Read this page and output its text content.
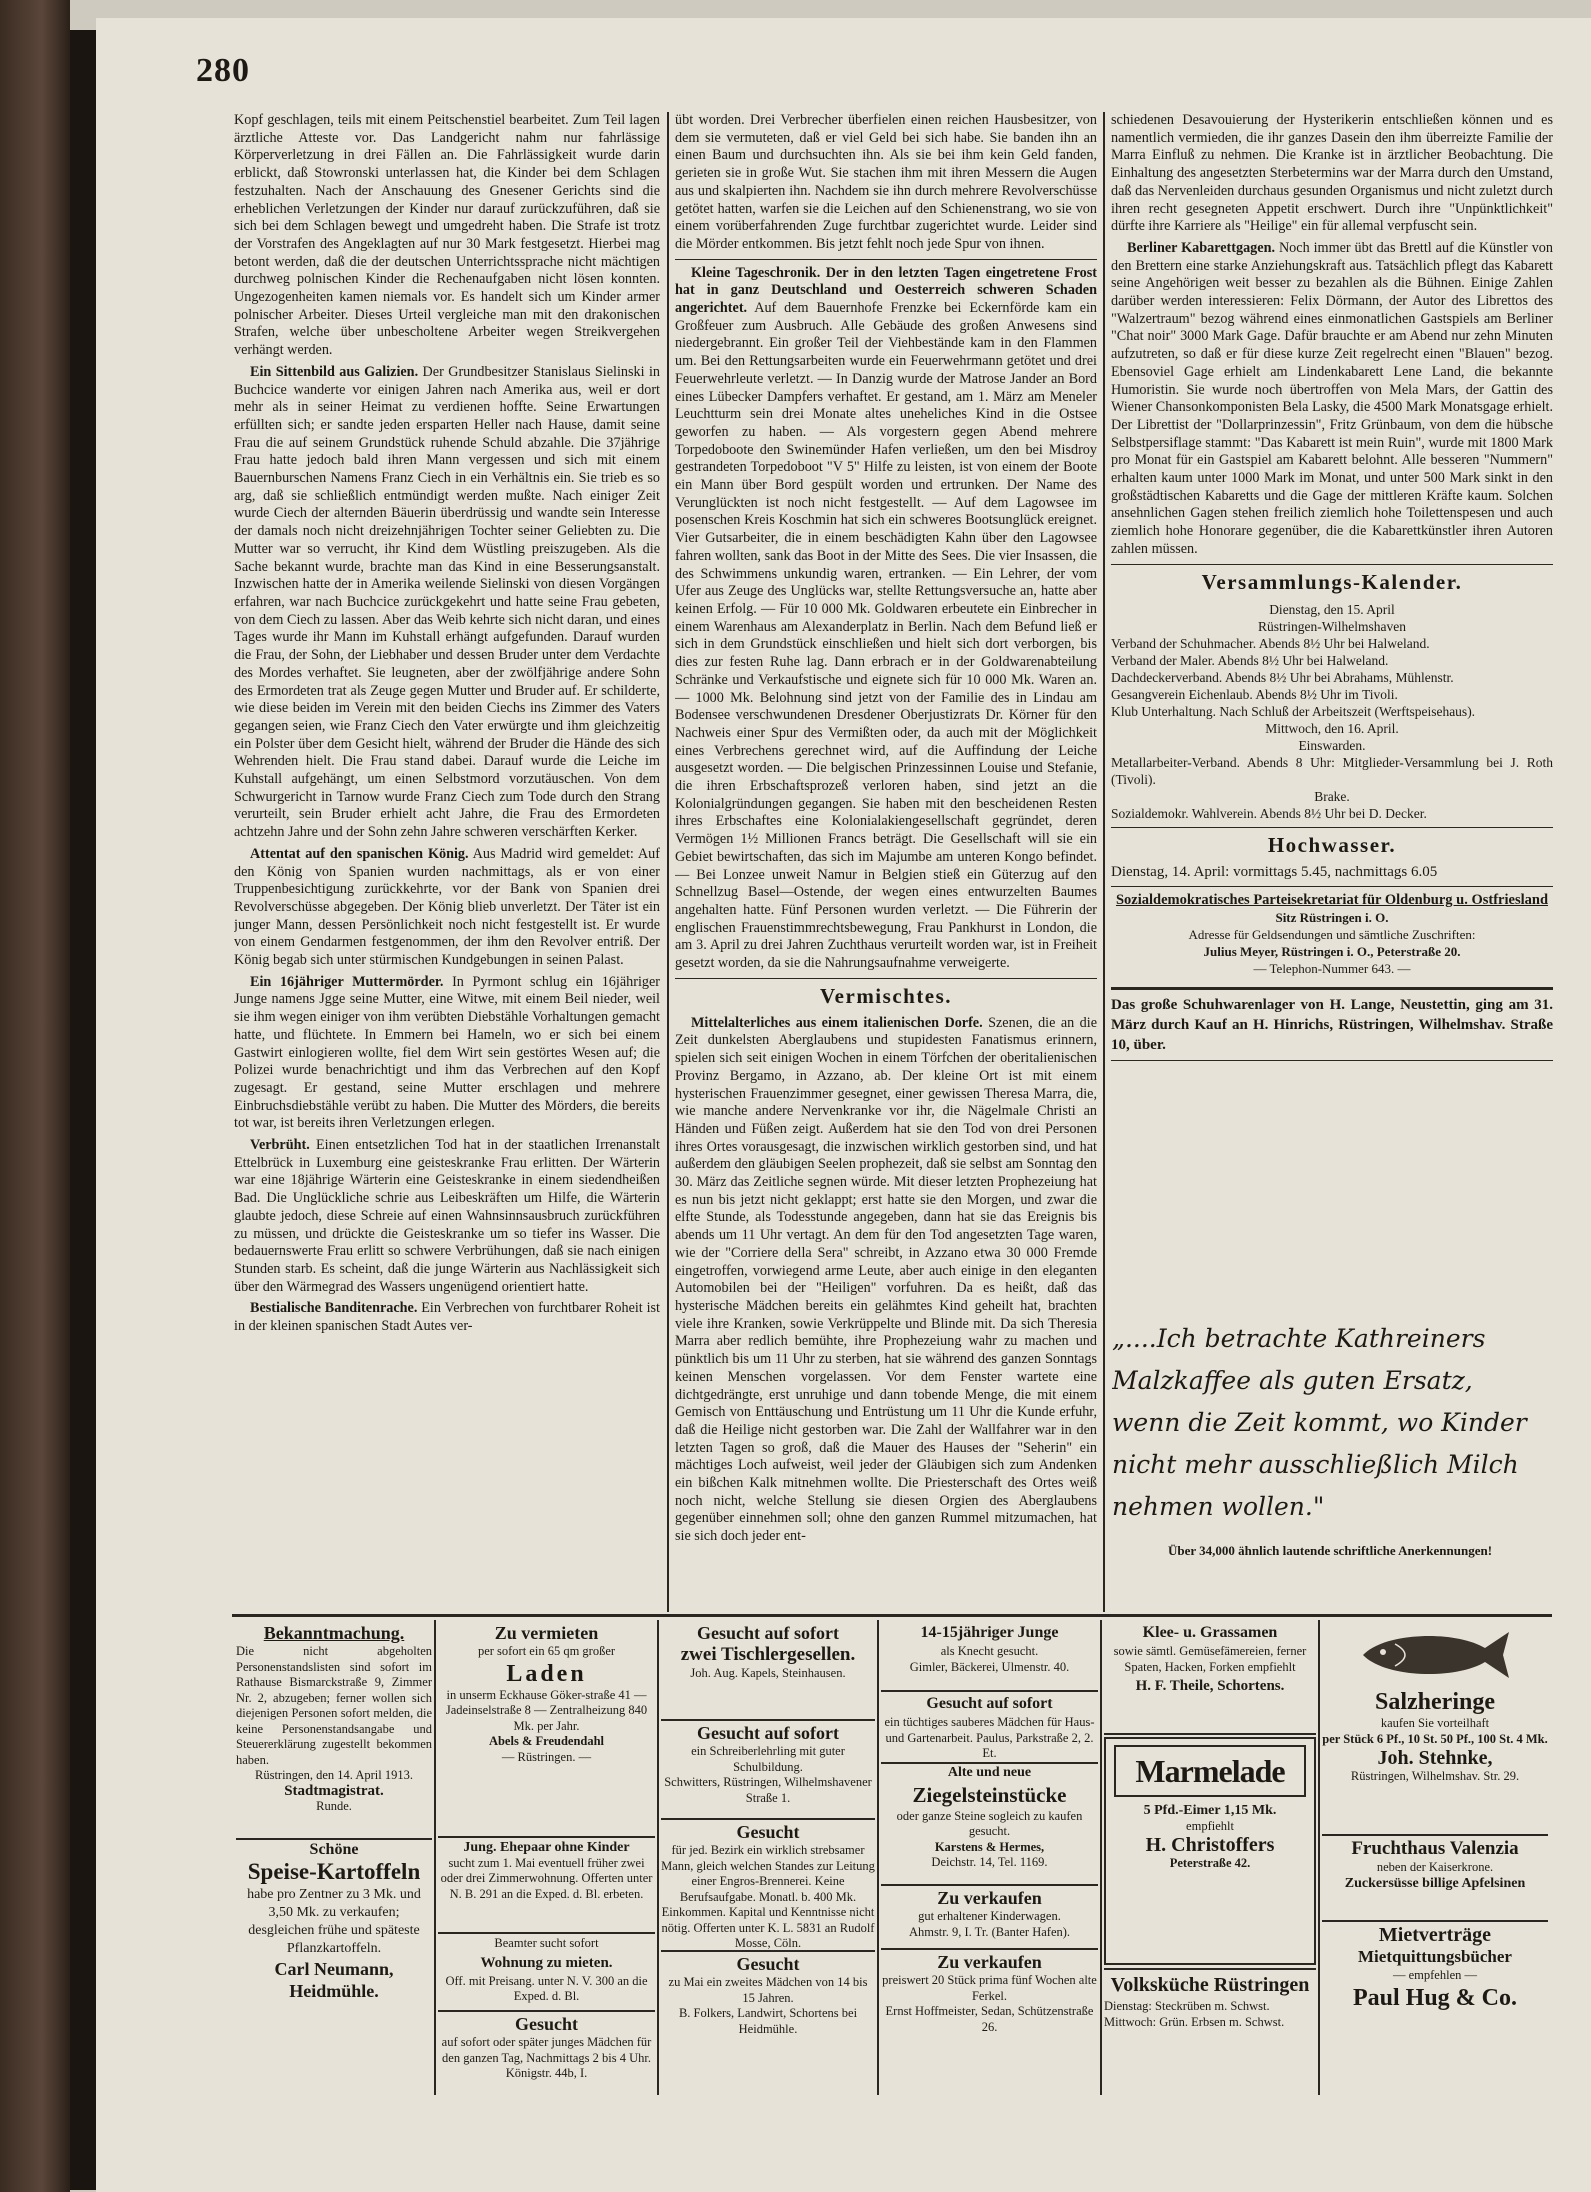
280

Kopf geschlagen, teils mit einem Peitschenstiel bearbeitet. Zum Teil lagen ärztliche Atteste vor. Das Landgericht nahm nur fahrlässige Körperverletzung in drei Fällen an. Die Fahrlässigkeit wurde darin erblickt, daß Stowronski unterlassen hat, die Kinder bei dem Schlagen festzuhalten. Nach der Anschauung des Gnesener Gerichts sind die erheblichen Verletzungen der Kinder nur darauf zurückzuführen, daß sie sich bei dem Schlagen bewegt und umgedreht haben. Die Strafe ist trotz der Vorstrafen des Angeklagten auf nur 30 Mark festgesetzt. Hierbei mag betont werden, daß die der deutschen Unterrichtssprache nicht mächtigen durchweg polnischen Kinder die Rechenaufgaben nicht lösen konnten. Ungezogenheiten kamen niemals vor. Es handelt sich um Kinder armer polnischer Arbeiter. Dieses Urteil vergleiche man mit den drakonischen Strafen, welche über unbescholtene Arbeiter wegen Streikvergehen verhängt werden.

Ein Sittenbild aus Galizien. Der Grundbesitzer Stanislaus Sielinski in Buchcice wanderte vor einigen Jahren nach Amerika aus, weil er dort mehr als in seiner Heimat zu verdienen hoffte. Seine Erwartungen erfüllten sich; er sandte jeden ersparten Heller nach Hause, damit seine Frau die auf seinem Grundstück ruhende Schuld abzahle. Die 37jährige Frau hatte jedoch bald ihren Mann vergessen und sich mit einem Bauernburschen Namens Franz Ciech in ein Verhältnis ein. Sie trieb es so arg, daß sie schließlich entmündigt werden mußte. Nach einiger Zeit wurde Ciech der alternden Bäuerin überdrüssig und wandte sein Interesse der damals noch nicht dreizehnjährigen Tochter seiner Geliebten zu. Die Mutter war so verrucht, ihr Kind dem Wüstling preiszugeben. Als die Sache bekannt wurde, brachte man das Kind in eine Besserungsanstalt. Inzwischen hatte der in Amerika weilende Sielinski von diesen Vorgängen erfahren, war nach Buchcice zurückgekehrt und hatte seine Frau gebeten, von dem Ciech zu lassen. Aber das Weib kehrte sich nicht daran, und eines Tages wurde ihr Mann im Kuhstall erhängt aufgefunden. Darauf wurden die Frau, der Sohn, der Liebhaber und dessen Bruder unter dem Verdachte des Mordes verhaftet. Sie leugneten, aber der zwölfjährige andere Sohn des Ermordeten trat als Zeuge gegen Mutter und Bruder auf. Er schilderte, wie diese beiden im Verein mit den beiden Ciechs ins Zimmer des Vaters gegangen seien, wie Franz Ciech den Vater erwürgte und ihm gleichzeitig ein Polster über dem Gesicht hielt, während der Bruder die Hände des sich Wehrenden hielt. Die Frau stand dabei. Darauf wurde die Leiche im Kuhstall aufgehängt, um einen Selbstmord vorzutäuschen. Von dem Schwurgericht in Tarnow wurde Franz Ciech zum Tode durch den Strang verurteilt, sein Bruder erhielt acht Jahre, die Frau des Ermordeten achtzehn Jahre und der Sohn zehn Jahre schweren verschärften Kerker.

Attentat auf den spanischen König. Aus Madrid wird gemeldet: Auf den König von Spanien wurden nachmittags, als er von einer Truppenbesichtigung zurückkehrte, vor der Bank von Spanien drei Revolverschüsse abgegeben. Der König blieb unverletzt. Der Täter ist ein junger Mann, dessen Persönlichkeit noch nicht festgestellt ist. Er wurde von einem Gendarmen festgenommen, der ihm den Revolver entriß. Der König begab sich unter stürmischen Kundgebungen in seinen Palast.

Ein 16jähriger Muttermörder. In Pyrmont schlug ein 16jähriger Junge namens Jgge seine Mutter, eine Witwe, mit einem Beil nieder, weil sie ihm wegen einiger von ihm verübten Diebstähle Vorhaltungen gemacht hatte, und flüchtete. In Emmern bei Hameln, wo er sich bei einem Gastwirt einlogieren wollte, fiel dem Wirt sein gestörtes Wesen auf; die Polizei wurde benachrichtigt und ihm das Verbrechen auf den Kopf zugesagt. Er gestand, seine Mutter erschlagen und mehrere Einbruchsdiebstähle verübt zu haben. Die Mutter des Mörders, die bereits tot war, ist bereits ihren Verletzungen erlegen.

Verbrüht. Einen entsetzlichen Tod hat in der staatlichen Irrenanstalt Ettelbrück in Luxemburg eine geisteskranke Frau erlitten. Der Wärterin war eine 18jährige Wärterin eine Geisteskranke in einem siedendheißen Bad. Die Unglückliche schrie aus Leibeskräften um Hilfe, die Wärterin glaubte jedoch, diese Schreie auf einen Wahnsinnsausbruch zurückführen zu müssen, und drückte die Geisteskranke um so tiefer ins Wasser. Die bedauernswerte Frau erlitt so schwere Verbrühungen, daß sie nach einigen Stunden starb. Es scheint, daß die junge Wärterin aus Nachlässigkeit sich über den Wärmegrad des Wassers ungenügend orientiert hatte.

Bestialische Banditenrache. Ein Verbrechen von furchtbarer Roheit ist in der kleinen spanischen Stadt Autes ver-

übt worden. Drei Verbrecher überfielen einen reichen Hausbesitzer, von dem sie vermuteten, daß er viel Geld bei sich habe. Sie banden ihn an einen Baum und durchsuchten ihn. Als sie bei ihm kein Geld fanden, gerieten sie in große Wut. Sie stachen ihm mit ihren Messern die Augen aus und skalpierten ihn. Nachdem sie ihn durch mehrere Revolverschüsse getötet hatten, warfen sie die Leichen auf den Schienenstrang, wo sie von einem vorüberfahrenden Zuge furchtbar zugerichtet wurde. Leider sind die Mörder entkommen. Bis jetzt fehlt noch jede Spur von ihnen.

Kleine Tageschronik. Der in den letzten Tagen eingetretene Frost hat in ganz Deutschland und Oesterreich schweren Schaden angerichtet. Auf dem Bauernhofe Frenzke bei Eckernförde kam ein Großfeuer zum Ausbruch. Alle Gebäude des großen Anwesens sind niedergebrannt. Ein großer Teil der Viehbestände kam in den Flammen um. Bei den Rettungsarbeiten wurde ein Feuerwehrmann getötet und drei Feuerwehrleute verletzt. — In Danzig wurde der Matrose Jander an Bord eines Lübecker Dampfers verhaftet. Er gestand, am 1. März am Meneler Leuchtturm sein drei Monate altes uneheliches Kind in die Ostsee geworfen zu haben. — Als vorgestern gegen Abend mehrere Torpedoboote den Swinemünder Hafen verließen, um den bei Misdroy gestrandeten Torpedoboot "V 5" Hilfe zu leisten, ist von einem der Boote ein Mann über Bord gespült worden und ertrunken. Der Name des Verunglückten ist noch nicht festgestellt. — Auf dem Lagowsee im posenschen Kreis Koschmin hat sich ein schweres Bootsunglück ereignet. Vier Gutsarbeiter, die in einem beschädigten Kahn über den Lagowsee fahren wollten, sank das Boot in der Mitte des Sees. Die vier Insassen, die des Schwimmens unkundig waren, ertranken. — Ein Lehrer, der vom Ufer aus Zeuge des Unglücks war, stellte Rettungsversuche an, hatte aber keinen Erfolg. — Für 10 000 Mk. Goldwaren erbeutete ein Einbrecher in einem Warenhaus am Alexanderplatz in Berlin. Nach dem Befund ließ er sich in dem Grundstück einschließen und hielt sich dort verborgen, bis dies zur festen Ruhe lag. Dann erbrach er in der Goldwarenabteilung Schränke und Verkaufstische und eignete sich für 10 000 Mk. Waren an. — 1000 Mk. Belohnung sind jetzt von der Familie des in Lindau am Bodensee verschwundenen Dresdener Oberjustizrats Dr. Körner für den Nachweis einer Spur des Vermißten oder, da auch mit der Möglichkeit eines Verbrechens gerechnet wird, auf die Auffindung der Leiche ausgesetzt worden. — Die belgischen Prinzessinnen Louise und Stefanie, die ihren Erbschaftsprozeß verloren haben, sind jetzt an die Kolonialgründungen gegangen. Sie haben mit den bescheidenen Resten ihres Erbschaftes eine Kolonialakiengesellschaft gegründet, deren Vermögen 1½ Millionen Francs beträgt. Die Gesellschaft will sie ein Gebiet bewirtschaften, das sich im Majumbe am unteren Kongo befindet. — Bei Lonzee unweit Namur in Belgien stieß ein Güterzug auf den Schnellzug Basel—Ostende, der wegen eines entwurzelten Baumes angehalten hatte. Fünf Personen wurden verletzt. — Die Führerin der englischen Frauenstimmrechtsbewegung, Frau Pankhurst in London, die am 3. April zu drei Jahren Zuchthaus verurteilt worden war, ist in Freiheit gesetzt worden, da sie die Nahrungsaufnahme verweigerte.

Vermischtes.

Mittelalterliches aus einem italienischen Dorfe. Szenen, die an die Zeit dunkelsten Aberglaubens und stupidesten Fanatismus erinnern, spielen sich seit einigen Wochen in einem Törfchen der oberitalienischen Provinz Bergamo, in Azzano, ab. Der kleine Ort ist mit einem hysterischen Frauenzimmer gesegnet, einer gewissen Theresa Marra, die, wie manche andere Nervenkranke vor ihr, die Nägelmale Christi an Händen und Füßen zeigt. Außerdem hat sie den Tod von drei Personen ihres Ortes vorausgesagt, die inzwischen wirklich gestorben sind, und hat außerdem den gläubigen Seelen prophezeit, daß sie selbst am Sonntag den 30. März das Zeitliche segnen würde. Mit dieser letzten Prophezeiung hat es nun bis jetzt nicht geklappt; erst hatte sie den Morgen, und zwar die elfte Stunde, als Todesstunde angegeben, dann hat sie das Ereignis bis abends um 11 Uhr vertagt. An dem für den Tod angesetzten Tage waren, wie der "Corriere della Sera" schreibt, in Azzano etwa 30 000 Fremde eingetroffen, vorwiegend arme Leute, aber auch einige in den eleganten Automobilen bei der "Heiligen" vorfuhren. Da es heißt, daß das hysterische Mädchen bereits ein gelähmtes Kind geheilt hat, brachten viele ihre Kranken, sowie Verkrüppelte und Blinde mit. Da sich Theresia Marra aber redlich bemühte, ihre Prophezeiung wahr zu machen und pünktlich bis um 11 Uhr zu sterben, hat sie während des ganzen Sonntags keinen Menschen vorgelassen. Vor dem Fenster wartete eine dichtgedrängte, erst unruhige und dann tobende Menge, die mit einem Gemisch von Enttäuschung und Entrüstung um 11 Uhr die Kunde erfuhr, daß die Heilige nicht gestorben war. Die Zahl der Wallfahrer war in den letzten Tagen so groß, daß die Mauer des Hauses der "Seherin" ein mächtiges Loch aufweist, weil jeder der Gläubigen sich zum Andenken ein bißchen Kalk mitnehmen wollte. Die Priesterschaft des Ortes weiß noch nicht, welche Stellung sie diesen Orgien des Aberglaubens gegenüber einnehmen soll; ohne den ganzen Rummel mitzumachen, hat sie sich doch jeder ent-

schiedenen Desavouierung der Hysterikerin entschließen können und es namentlich vermieden, die ihr ganzes Dasein den ihm überreizte Familie der Marra Einfluß zu nehmen. Die Kranke ist in ärztlicher Beobachtung. Die Einhaltung des angesetzten Sterbetermins war der Marra durch den Umstand, daß das Nervenleiden durchaus gesunden Organismus und nicht zuletzt durch ihren recht gesegneten Appetit erschwert. Durch ihre "Unpünktlichkeit" dürfte ihre Karriere als "Heilige" ein für allemal verpfuscht sein.

Berliner Kabarettgagen. Noch immer übt das Brettl auf die Künstler von den Brettern eine starke Anziehungskraft aus. Tatsächlich pflegt das Kabarett seine Angehörigen weit besser zu bezahlen als die Bühnen. Einige Zahlen darüber werden interessieren: Felix Dörmann, der Autor des Librettos des "Walzertraum" bezog während eines einmonatlichen Gastspiels am Berliner "Chat noir" 3000 Mark Gage. Dafür brauchte er am Abend nur zehn Minuten aufzutreten, so daß er für diese kurze Zeit regelrecht einen "Blauen" bezog. Ebensoviel Gage erhielt am Lindenkabarett Lene Land, die bekannte Humoristin. Sie wurde noch übertroffen von Mela Mars, der Gattin des Wiener Chansonkomponisten Bela Lasky, die 4500 Mark Monatsgage erhielt. Der Librettist der "Dollarprinzessin", Fritz Grünbaum, von dem die hübsche Selbstpersiflage stammt: "Das Kabarett ist mein Ruin", wurde mit 1800 Mark pro Monat für ein Gastspiel am Kabarett belohnt. Alle besseren "Nummern" erhalten kaum unter 1000 Mark im Monat, und unter 500 Mark sinkt in den großstädtischen Kabaretts und die Gage der mittleren Kräfte kaum. Solchen ansehnlichen Gagen stehen freilich ziemlich hohe Toilettenspesen und auch ziemlich hohe Honorare gegenüber, die die Kabarettkünstler ihren Autoren zahlen müssen.

Versammlungs-Kalender.
Dienstag, den 15. April
Rüstringen-Wilhelmshaven
Verband der Schuhmacher. Abends 8½ Uhr bei Halweland.
Verband der Maler. Abends 8½ Uhr bei Halweland.
Dachdeckerverband. Abends 8½ Uhr bei Abrahams, Mühlenstr.
Gesangverein Eichenlaub. Abends 8½ Uhr im Tivoli.
Klub Unterhaltung. Nach Schluß der Arbeitszeit (Werftspeisehaus).
Mittwoch, den 16. April.
Einswarden.
Metallarbeiter-Verband. Abends 8 Uhr: Mitglieder-Versammlung bei J. Roth (Tivoli).
Brake.
Sozialdemokr. Wahlverein. Abends 8½ Uhr bei D. Decker.
Hochwasser.
Dienstag, 14. April: vormittags 5.45, nachmittags 6.05
Sozialdemokratisches Parteisekretariat für Oldenburg u. Ostfriesland
Sitz Rüstringen i. O.
Adresse für Geldsendungen und sämtliche Zuschriften:
Julius Meyer, Rüstringen i. O., Peterstraße 20.
— Telephon-Nummer 643. —
Das große Schuhwarenlager von H. Lange, Neustettin, ging am 31. März durch Kauf an H. Hinrichs, Rüstringen, Wilhelmshav. Straße 10, über.
„....Ich betrachte Kathreiners Malzkaffee als guten Ersatz, wenn die Zeit kommt, wo Kinder nicht mehr ausschließlich Milch nehmen wollen."
Über 34,000 ähnlich lautende schriftliche Anerkennungen!
Bekanntmachung.
Die nicht abgeholten Personenstandslisten sind sofort im Rathause Bismarckstraße 9, Zimmer Nr. 2, abzugeben; ferner wollen sich diejenigen Personen sofort melden, die keine Personenstandsangabe und Steuererklärung zugestellt bekommen haben.
Rüstringen, den 14. April 1913.
Stadtmagistrat.
Runde.
Schöne
Speise-Kartoffeln
habe pro Zentner zu 3 Mk. und 3,50 Mk. zu verkaufen; desgleichen frühe und späteste Pflanzkartoffeln.
Carl Neumann,
Heidmühle.
Zu vermieten
per sofort ein 65 qm großer
Laden
in unserm Eckhause Göker-straße 41 — Jadeinselstraße 8 — Zentralheizung 840 Mk. per Jahr.
Abels & Freudendahl
— Rüstringen. —
Jung. Ehepaar ohne Kinder
sucht zum 1. Mai eventuell früher zwei oder drei Zimmerwohnung. Offerten unter N. B. 291 an die Exped. d. Bl. erbeten.
Beamter sucht sofort
Wohnung zu mieten.
Off. mit Preisang. unter N. V. 300 an die Exped. d. Bl.
Gesucht
auf sofort oder später junges Mädchen für den ganzen Tag, Nachmittags 2 bis 4 Uhr. Königstr. 44b, I.
Gesucht auf sofort
zwei Tischlergesellen.
Joh. Aug. Kapels, Steinhausen.
Gesucht auf sofort
ein Schreiberlehrling mit guter Schulbildung.
Schwitters, Rüstringen, Wilhelmshavener Straße 1.
Gesucht
für jed. Bezirk ein wirklich strebsamer Mann, gleich welchen Standes zur Leitung einer Engros-Brennerei. Keine Berufsaufgabe. Monatl. b. 400 Mk. Einkommen. Kapital und Kenntnisse nicht nötig. Offerten unter K. L. 5831 an Rudolf Mosse, Cöln.
Gesucht
zu Mai ein zweites Mädchen von 14 bis 15 Jahren.
B. Folkers, Landwirt, Schortens bei Heidmühle.
14-15jähriger Junge
als Knecht gesucht.
Gimler, Bäckerei, Ulmenstr. 40.
Gesucht auf sofort
ein tüchtiges sauberes Mädchen für Haus- und Gartenarbeit. Paulus, Parkstraße 2, 2. Et.
Alte und neue
Ziegelsteinstücke
oder ganze Steine sogleich zu kaufen gesucht.
Karstens & Hermes,
Deichstr. 14, Tel. 1169.
Zu verkaufen
gut erhaltener Kinderwagen.
Ahmstr. 9, I. Tr. (Banter Hafen).
Zu verkaufen
preiswert 20 Stück prima fünf Wochen alte Ferkel.
Ernst Hoffmeister, Sedan, Schützenstraße 26.
Klee- u. Grassamen
sowie sämtl. Gemüsefämereien, ferner Spaten, Hacken, Forken empfiehlt
H. F. Theile, Schortens.
Marmelade
5 Pfd.-Eimer 1,15 Mk.
empfiehlt
H. Christoffers
Peterstraße 42.
Volksküche Rüstringen
Dienstag: Steckrüben m. Schwst.
Mittwoch: Grün. Erbsen m. Schwst.
Salzheringe
kaufen Sie vorteilhaft
per Stück 6 Pf., 10 St. 50 Pf., 100 St. 4 Mk.
Joh. Stehnke,
Rüstringen, Wilhelmshav. Str. 29.
Fruchthaus Valenzia
neben der Kaiserkrone.
Zuckersüsse billige Apfelsinen
Mietverträge
Mietquittungsbücher
— empfehlen —
Paul Hug & Co.
